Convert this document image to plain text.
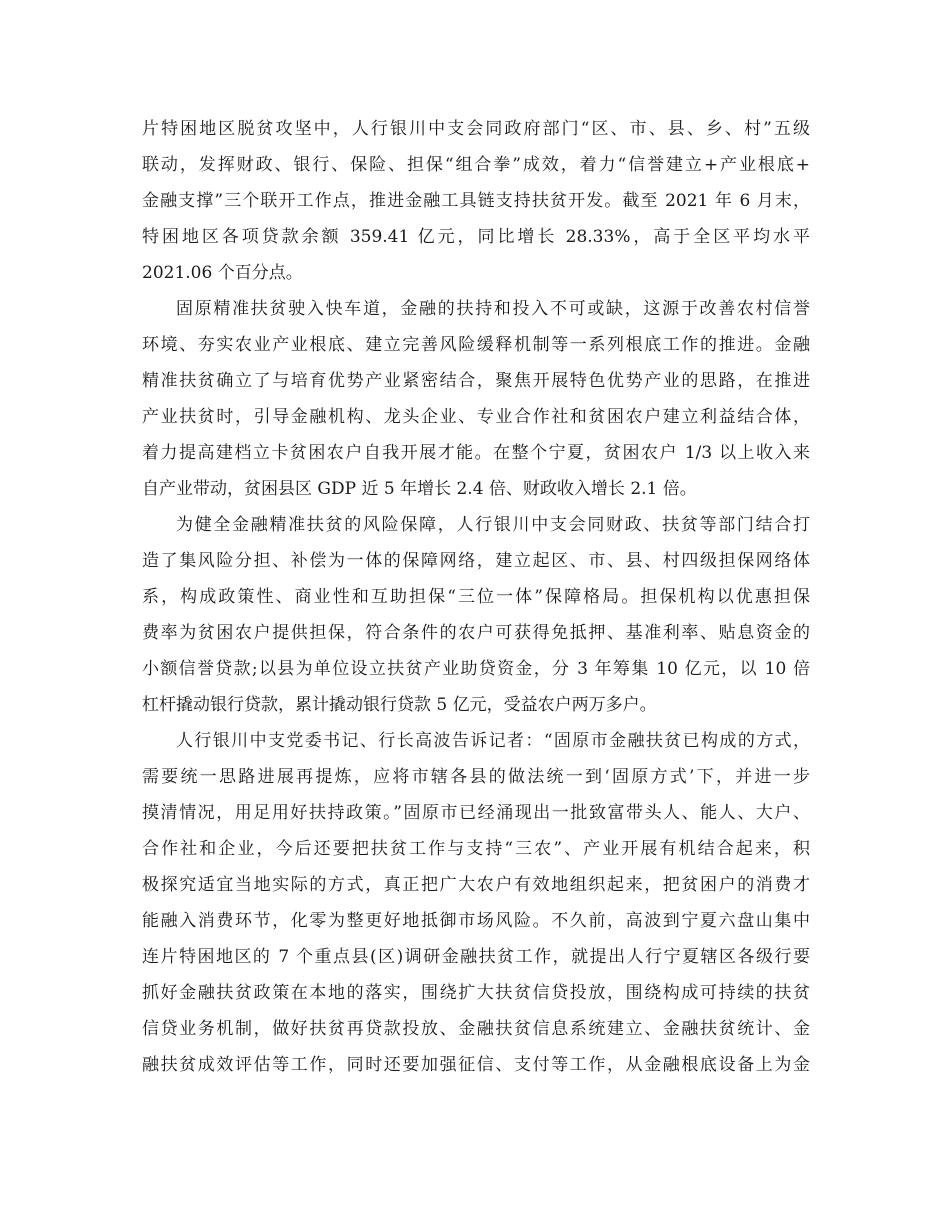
片特困地区脱贫攻坚中，人行银川中支会同政府部门“区、市、县、乡、村”五级
联动，发挥财政、银行、保险、担保“组合拳”成效，着力“信誉建立+产业根底+
金融支撑”三个联开工作点，推进金融工具链支持扶贫开发。截至 2021 年 6 月末，
特困地区各项贷款余额 359.41 亿元，同比增长 28.33%，高于全区平均水平
2021.06 个百分点。
固原精准扶贫驶入快车道，金融的扶持和投入不可或缺，这源于改善农村信誉
环境、夯实农业产业根底、建立完善风险缓释机制等一系列根底工作的推进。金融
精准扶贫确立了与培育优势产业紧密结合，聚焦开展特色优势产业的思路，在推进
产业扶贫时，引导金融机构、龙头企业、专业合作社和贫困农户建立利益结合体，
着力提高建档立卡贫困农户自我开展才能。在整个宁夏，贫困农户 1/3 以上收入来
自产业带动，贫困县区 GDP 近 5 年增长 2.4 倍、财政收入增长 2.1 倍。
为健全金融精准扶贫的风险保障，人行银川中支会同财政、扶贫等部门结合打
造了集风险分担、补偿为一体的保障网络，建立起区、市、县、村四级担保网络体
系，构成政策性、商业性和互助担保“三位一体”保障格局。担保机构以优惠担保
费率为贫困农户提供担保，符合条件的农户可获得免抵押、基准利率、贴息资金的
小额信誉贷款;以县为单位设立扶贫产业助贷资金，分 3 年筹集 10 亿元，以 10 倍
杠杆撬动银行贷款，累计撬动银行贷款 5 亿元，受益农户两万多户。
人行银川中支党委书记、行长高波告诉记者：“固原市金融扶贫已构成的方式，
需要统一思路进展再提炼，应将市辖各县的做法统一到‘固原方式’下，并进一步
摸清情况，用足用好扶持政策。”固原市已经涌现出一批致富带头人、能人、大户、
合作社和企业，今后还要把扶贫工作与支持“三农”、产业开展有机结合起来，积
极探究适宜当地实际的方式，真正把广大农户有效地组织起来，把贫困户的消费才
能融入消费环节，化零为整更好地抵御市场风险。不久前，高波到宁夏六盘山集中
连片特困地区的 7 个重点县(区)调研金融扶贫工作，就提出人行宁夏辖区各级行要
抓好金融扶贫政策在本地的落实，围绕扩大扶贫信贷投放，围绕构成可持续的扶贫
信贷业务机制，做好扶贫再贷款投放、金融扶贫信息系统建立、金融扶贫统计、金
融扶贫成效评估等工作，同时还要加强征信、支付等工作，从金融根底设备上为金
